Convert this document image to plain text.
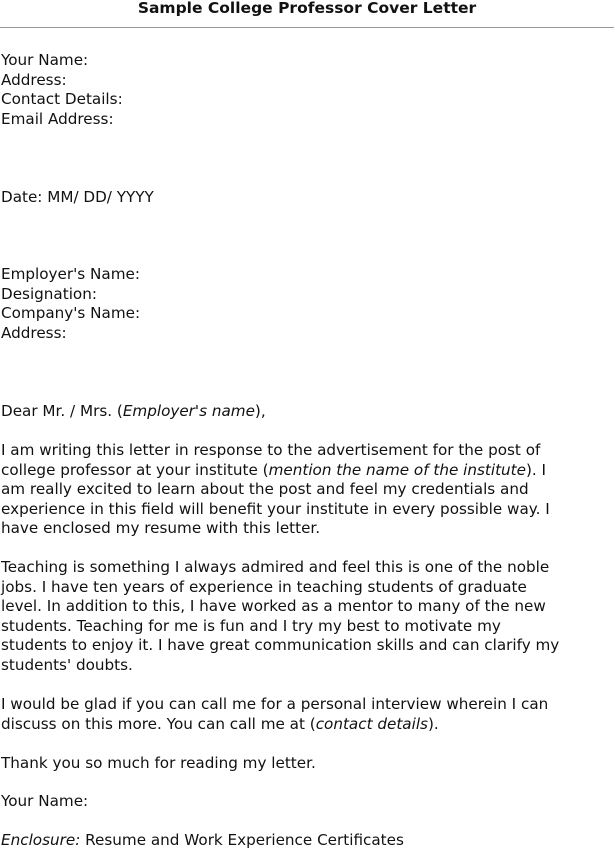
Sample College Professor Cover Letter
Your Name:
Address:
Contact Details:
Email Address:
Date: MM/ DD/ YYYY
Employer's Name:
Designation:
Company's Name:
Address:
Dear Mr. / Mrs. (Employer's name),
I am writing this letter in response to the advertisement for the post of
college professor at your institute (mention the name of the institute). I
am really excited to learn about the post and feel my credentials and
experience in this field will benefit your institute in every possible way. I
have enclosed my resume with this letter.
Teaching is something I always admired and feel this is one of the noble
jobs. I have ten years of experience in teaching students of graduate
level. In addition to this, I have worked as a mentor to many of the new
students. Teaching for me is fun and I try my best to motivate my
students to enjoy it. I have great communication skills and can clarify my
students' doubts.
I would be glad if you can call me for a personal interview wherein I can
discuss on this more. You can call me at (contact details).
Thank you so much for reading my letter.
Your Name:
Enclosure: Resume and Work Experience Certificates
